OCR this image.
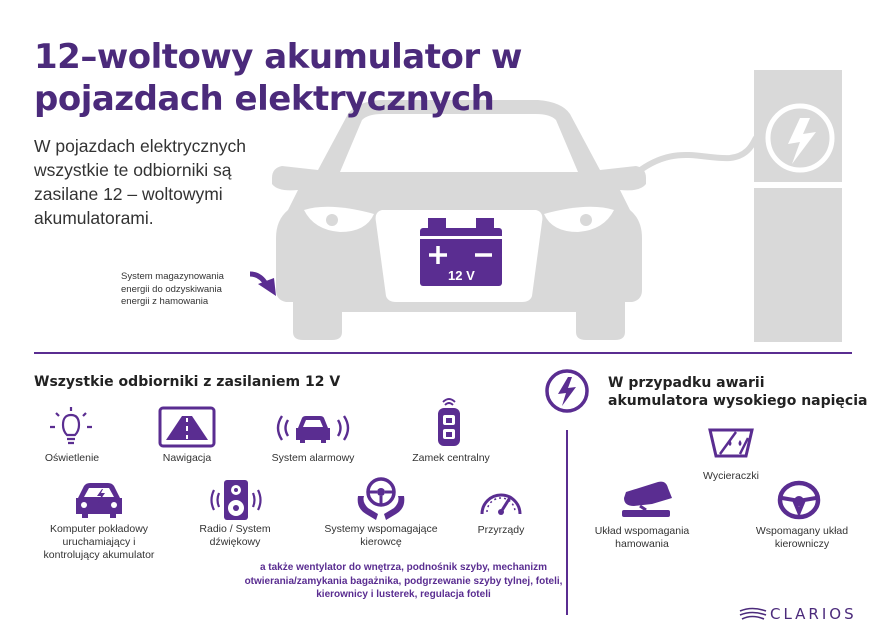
12 V
12–woltowy akumulator w pojazdach elektrycznych
W pojazdach elektrycznych wszystkie te odbiorniki są zasilane 12 – woltowymi akumulatorami.
System magazynowania energii do odzyskiwania energii z hamowania
Wszystkie odbiorniki z zasilaniem 12 V
Oświetlenie	Nawigacja	System alarmowy	Zamek centralny
Komputer pokładowy uruchamiający i kontrolujący akumulator
Radio / System dźwiękowy
Systemy wspomagające kierowcę
Przyrządy
a także wentylator do wnętrza, podnośnik szyby, mechanizm otwierania/zamykania bagażnika, podgrzewanie szyby tylnej, foteli, kierownicy i lusterek, regulacja foteli
W przypadku awarii
akumulatora wysokiego napięcia
Wycieraczki
Układ wspomagania hamowania
Wspomagany układ kierowniczy
CLARIOS
